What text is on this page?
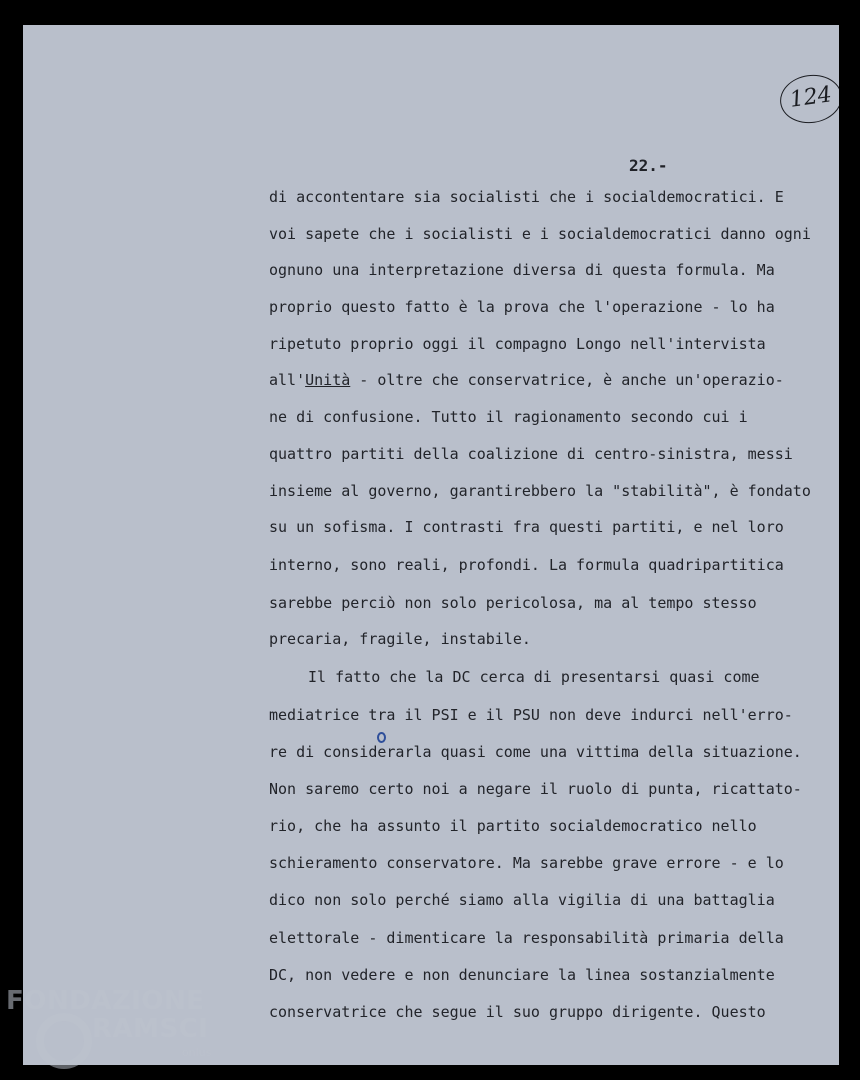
124
22.-

di accontentare sia socialisti che i socialdemocratici. E

voi sapete che i socialisti e i socialdemocratici danno ogni

ognuno una interpretazione diversa di questa formula. Ma

proprio questo fatto è la prova che l'operazione - lo ha

ripetuto proprio oggi il compagno Longo nell'intervista

all'Unità - oltre che conservatrice, è anche un'operazio-

ne di confusione. Tutto il ragionamento secondo cui i

quattro partiti della coalizione di centro-sinistra, messi

insieme al governo, garantirebbero la "stabilità", è fondato

su un sofisma. I contrasti fra questi partiti, e nel loro

interno, sono reali, profondi. La formula quadripartitica

sarebbe perciò non solo pericolosa, ma al tempo stesso

precaria, fragile, instabile.

Il fatto che la DC cerca di presentarsi quasi come

mediatrice tra il PSI e il PSU non deve indurci nell'erro-

re di considerarla quasi come una vittima della situazione.

Non saremo certo noi a negare il ruolo di punta, ricattato-

rio, che ha assunto il partito socialdemocratico nello

schieramento conservatore. Ma sarebbe grave errore - e lo

dico non solo perché siamo alla vigilia di una battaglia

elettorale - dimenticare la responsabilità primaria della

DC, non vedere e non denunciare la linea sostanzialmente

conservatrice che segue il suo gruppo dirigente. Questo

FONDAZIONE
RAMSCI
onlus
